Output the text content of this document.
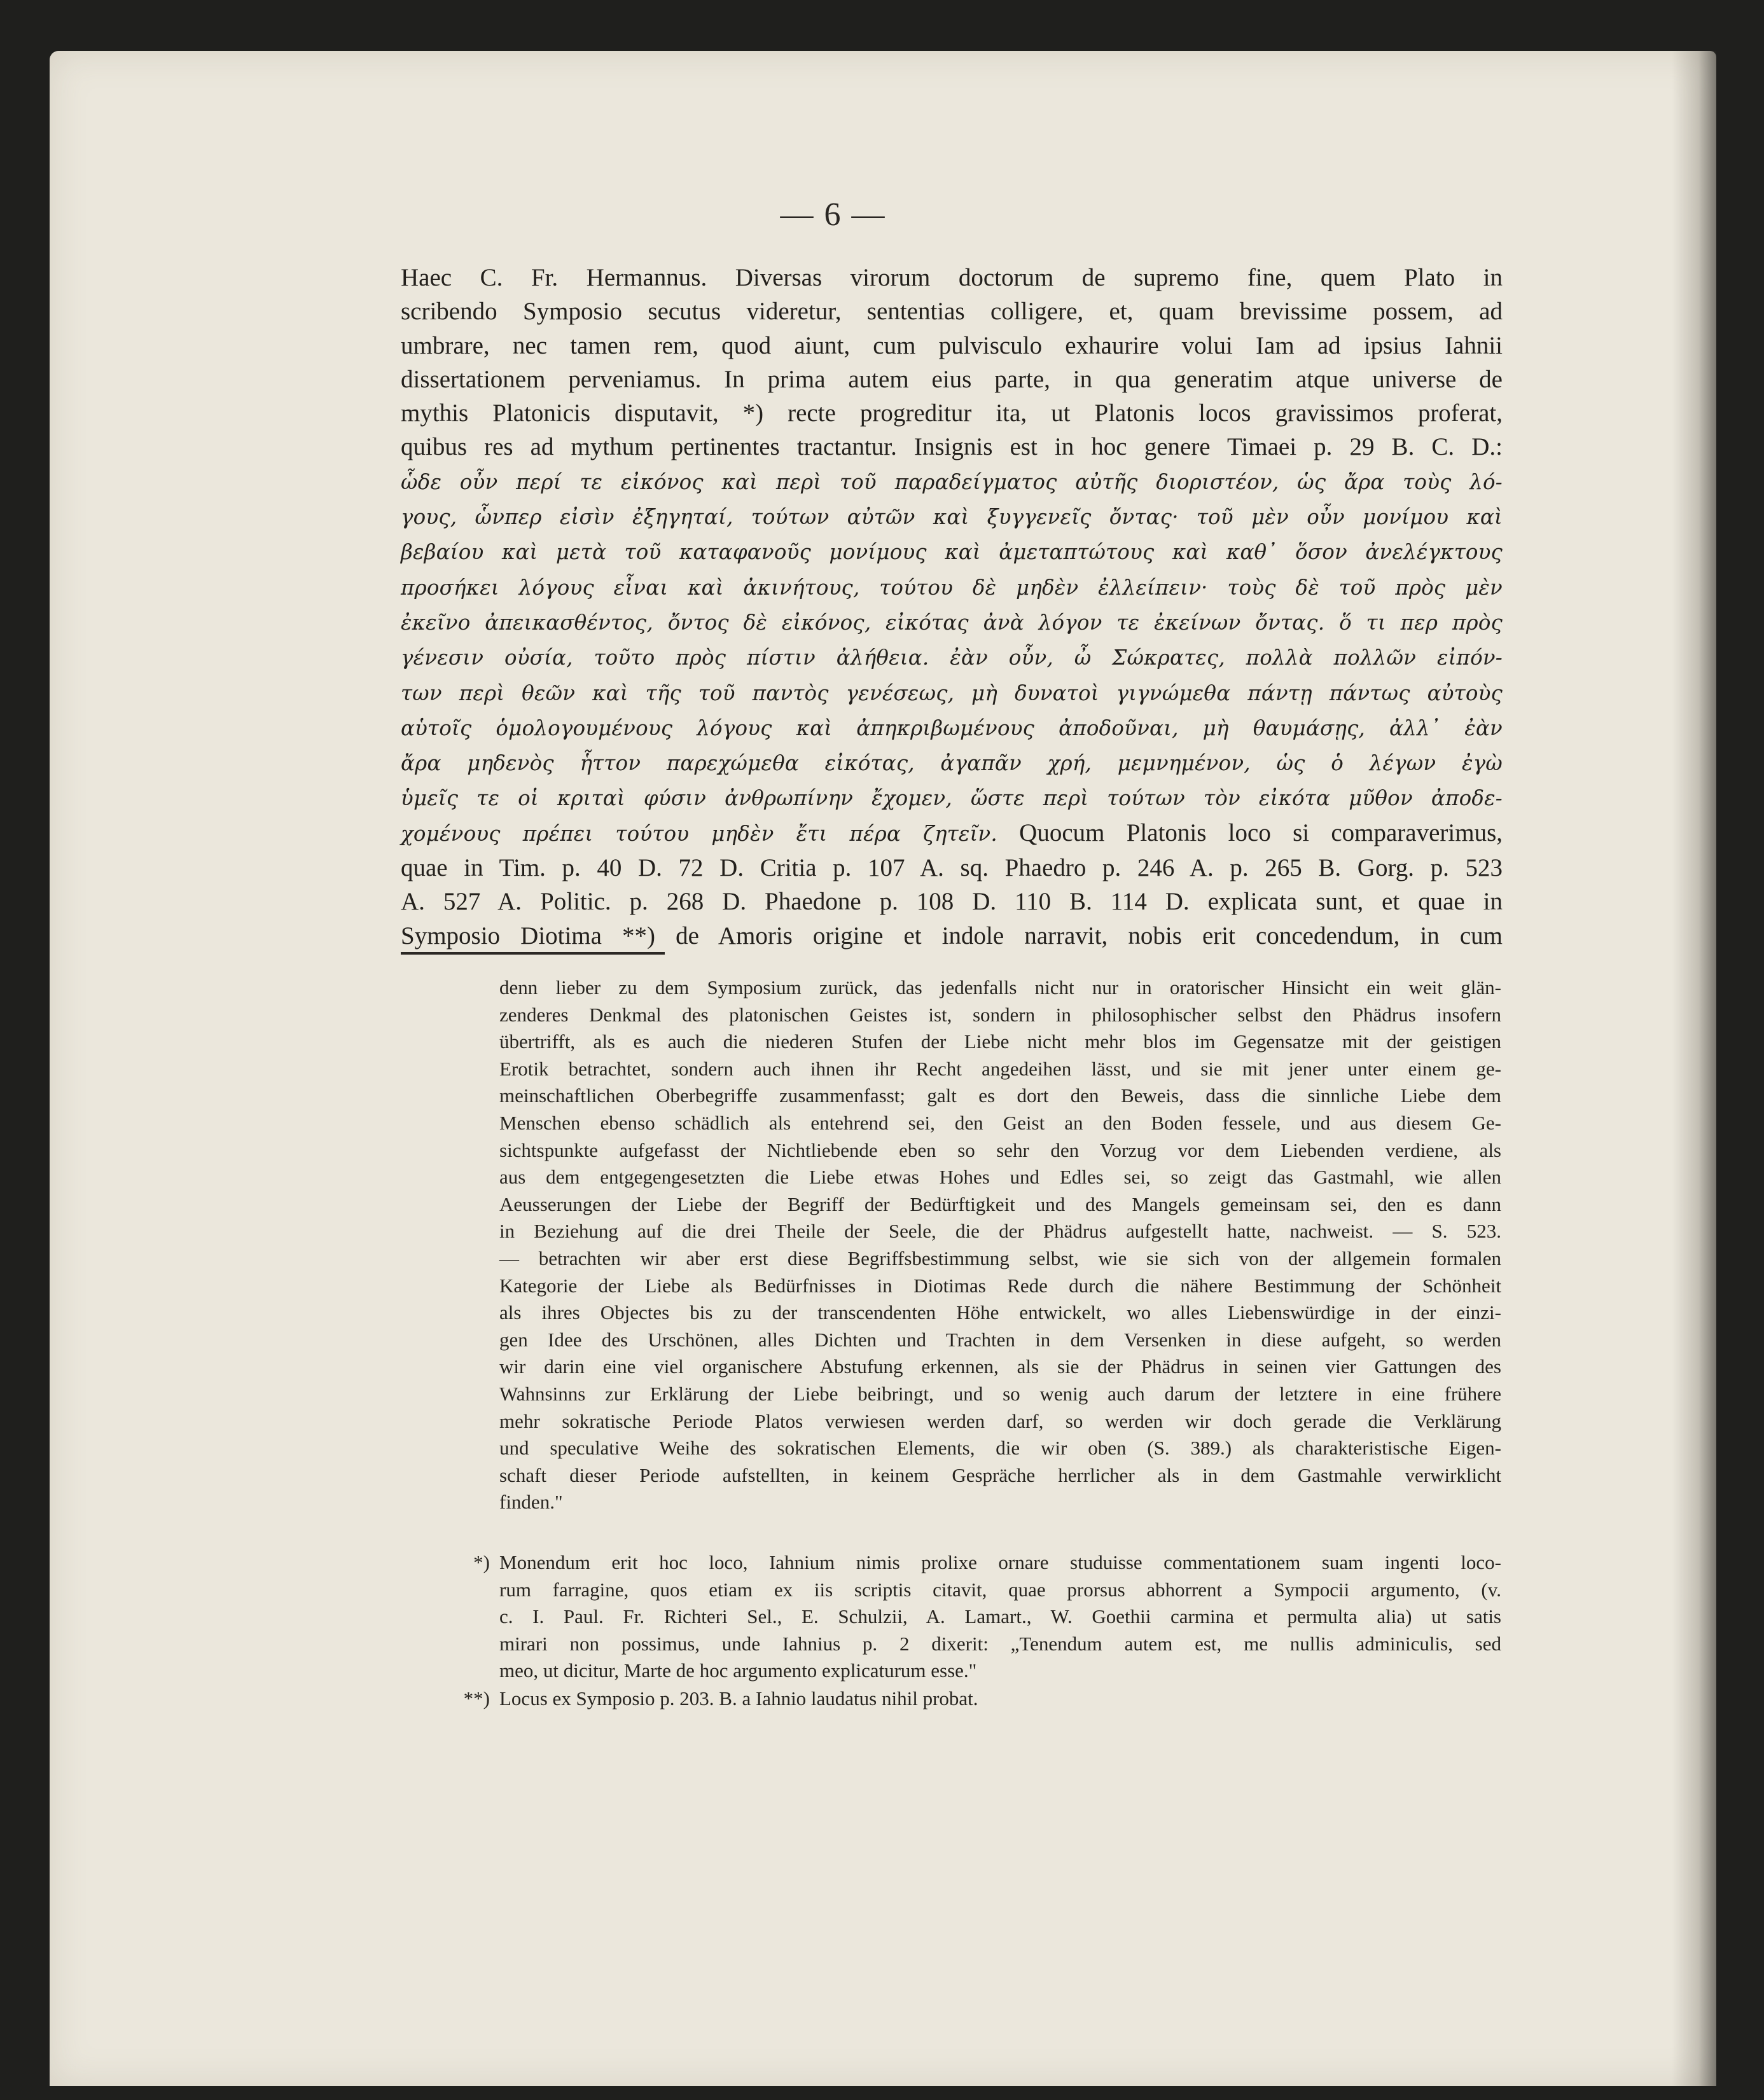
— 6 —
Haec C. Fr. Hermannus. Diversas virorum doctorum de supremo fine, quem Plato in
scribendo Symposio secutus videretur, sententias colligere, et, quam brevissime possem, ad
umbrare, nec tamen rem, quod aiunt, cum pulvisculo exhaurire volui Iam ad ipsius Iahnii
dissertationem perveniamus. In prima autem eius parte, in qua generatim atque universe de
mythis Platonicis disputavit, *) recte progreditur ita, ut Platonis locos gravissimos proferat,
quibus res ad mythum pertinentes tractantur. Insignis est in hoc genere Timaei p. 29 B. C. D.:
ὧδε οὖν περί τε εἰκόνος καὶ περὶ τοῦ παραδείγματος αὐτῆς διοριστέον, ὡς ἄρα τοὺς λό-
γους, ὧνπερ εἰσὶν ἐξηγηταί, τούτων αὐτῶν καὶ ξυγγενεῖς ὄντας· τοῦ μὲν οὖν μονίμου καὶ
βεβαίου καὶ μετὰ τοῦ καταφανοῦς μονίμους καὶ ἀμεταπτώτους καὶ καθ᾽ ὅσον ἀνελέγκτους
προσήκει λόγους εἶναι καὶ ἀκινήτους, τούτου δὲ μηδὲν ἐλλείπειν· τοὺς δὲ τοῦ πρὸς μὲν
ἐκεῖνο ἀπεικασθέντος, ὄντος δὲ εἰκόνος, εἰκότας ἀνὰ λόγον τε ἐκείνων ὄντας. ὅ τι περ πρὸς
γένεσιν οὐσία, τοῦτο πρὸς πίστιν ἀλήθεια. ἐὰν οὖν, ὦ Σώκρατες, πολλὰ πολλῶν εἰπόν-
των περὶ θεῶν καὶ τῆς τοῦ παντὸς γενέσεως, μὴ δυνατοὶ γιγνώμεθα πάντῃ πάντως αὐτοὺς
αὑτοῖς ὁμολογουμένους λόγους καὶ ἀπηκριβωμένους ἀποδοῦναι, μὴ θαυμάσῃς, ἀλλ᾽ ἐὰν
ἄρα μηδενὸς ἧττον παρεχώμεθα εἰκότας, ἀγαπᾶν χρή, μεμνημένον, ὡς ὁ λέγων ἐγὼ
ὑμεῖς τε οἱ κριταὶ φύσιν ἀνθρωπίνην ἔχομεν, ὥστε περὶ τούτων τὸν εἰκότα μῦθον ἀποδε-
χομένους πρέπει τούτου μηδὲν ἔτι πέρα ζητεῖν. Quocum Platonis loco si comparaverimus,
quae in Tim. p. 40 D. 72 D. Critia p. 107 A. sq. Phaedro p. 246 A. p. 265 B. Gorg. p. 523
A. 527 A. Politic. p. 268 D. Phaedone p. 108 D. 110 B. 114 D. explicata sunt, et quae in
Symposio Diotima **) de Amoris origine et indole narravit, nobis erit concedendum, in cum
denn lieber zu dem Symposium zurück, das jedenfalls nicht nur in oratorischer Hinsicht ein weit glän-
zenderes Denkmal des platonischen Geistes ist, sondern in philosophischer selbst den Phädrus insofern
übertrifft, als es auch die niederen Stufen der Liebe nicht mehr blos im Gegensatze mit der geistigen
Erotik betrachtet, sondern auch ihnen ihr Recht angedeihen lässt, und sie mit jener unter einem ge-
meinschaftlichen Oberbegriffe zusammenfasst; galt es dort den Beweis, dass die sinnliche Liebe dem
Menschen ebenso schädlich als entehrend sei, den Geist an den Boden fessele, und aus diesem Ge-
sichtspunkte aufgefasst der Nichtliebende eben so sehr den Vorzug vor dem Liebenden verdiene, als
aus dem entgegengesetzten die Liebe etwas Hohes und Edles sei, so zeigt das Gastmahl, wie allen
Aeusserungen der Liebe der Begriff der Bedürftigkeit und des Mangels gemeinsam sei, den es dann
in Beziehung auf die drei Theile der Seele, die der Phädrus aufgestellt hatte, nachweist. — S. 523.
— betrachten wir aber erst diese Begriffsbestimmung selbst, wie sie sich von der allgemein formalen
Kategorie der Liebe als Bedürfnisses in Diotimas Rede durch die nähere Bestimmung der Schönheit
als ihres Objectes bis zu der transcendenten Höhe entwickelt, wo alles Liebenswürdige in der einzi-
gen Idee des Urschönen, alles Dichten und Trachten in dem Versenken in diese aufgeht, so werden
wir darin eine viel organischere Abstufung erkennen, als sie der Phädrus in seinen vier Gattungen des
Wahnsinns zur Erklärung der Liebe beibringt, und so wenig auch darum der letztere in eine frühere
mehr sokratische Periode Platos verwiesen werden darf, so werden wir doch gerade die Verklärung
und speculative Weihe des sokratischen Elements, die wir oben (S. 389.) als charakteristische Eigen-
schaft dieser Periode aufstellten, in keinem Gespräche herrlicher als in dem Gastmahle verwirklicht
finden."
*) Monendum erit hoc loco, Iahnium nimis prolixe ornare studuisse commentationem suam ingenti loco-
rum farragine, quos etiam ex iis scriptis citavit, quae prorsus abhorrent a Sympocii argumento, (v.
c. I. Paul. Fr. Richteri Sel., E. Schulzii, A. Lamart., W. Goethii carmina et permulta alia) ut satis
mirari non possimus, unde Iahnius p. 2 dixerit: „Tenendum autem est, me nullis adminiculis, sed
meo, ut dicitur, Marte de hoc argumento explicaturum esse."
**) Locus ex Symposio p. 203. B. a Iahnio laudatus nihil probat.
